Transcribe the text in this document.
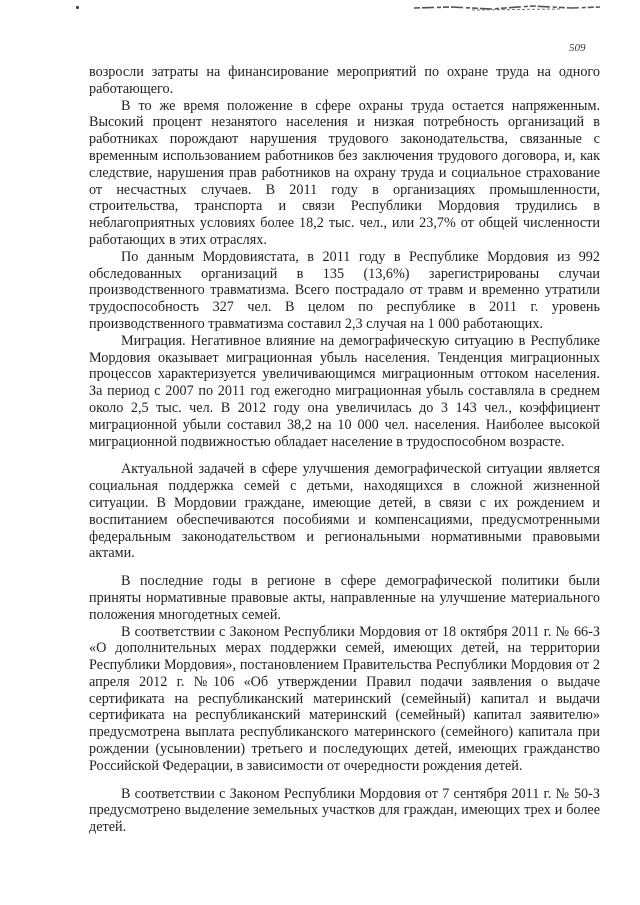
509

возросли затраты на финансирование мероприятий по охране труда на одного работающего.

В то же время положение в сфере охраны труда остается напряженным. Высокий процент незанятого населения и низкая потребность организаций в работниках порождают нарушения трудового законодательства, связанные с временным использованием работников без заключения трудового договора, и, как следствие, нарушения прав работников на охрану труда и социальное страхование от несчастных случаев. В 2011 году в организациях промышленности, строительства, транспорта и связи Республики Мордовия трудились в неблагоприятных условиях более 18,2 тыс. чел., или 23,7% от общей численности работающих в этих отраслях.

По данным Мордовиястата, в 2011 году в Республике Мордовия из 992 обследованных организаций в 135 (13,6%) зарегистрированы случаи производственного травматизма. Всего пострадало от травм и временно утратили трудоспособность 327 чел. В целом по республике в 2011 г. уровень производственного травматизма составил 2,3 случая на 1 000 работающих.

Миграция. Негативное влияние на демографическую ситуацию в Республике Мордовия оказывает миграционная убыль населения. Тенденция миграционных процессов характеризуется увеличивающимся миграционным оттоком населения. За период с 2007 по 2011 год ежегодно миграционная убыль составляла в среднем около 2,5 тыс. чел. В 2012 году она увеличилась до 3 143 чел., коэффициент миграционной убыли составил 38,2 на 10 000 чел. населения. Наиболее высокой миграционной подвижностью обладает население в трудоспособном возрасте.

Актуальной задачей в сфере улучшения демографической ситуации является социальная поддержка семей с детьми, находящихся в сложной жизненной ситуации. В Мордовии граждане, имеющие детей, в связи с их рождением и воспитанием обеспечиваются пособиями и компенсациями, предусмотренными федеральным законодательством и региональными нормативными правовыми актами.

В последние годы в регионе в сфере демографической политики были приняты нормативные правовые акты, направленные на улучшение материального положения многодетных семей.

В соответствии с Законом Республики Мордовия от 18 октября 2011 г. № 66-З «О дополнительных мерах поддержки семей, имеющих детей, на территории Республики Мордовия», постановлением Правительства Республики Мордовия от 2 апреля 2012 г. №106 «Об утверждении Правил подачи заявления о выдаче сертификата на республиканский материнский (семейный) капитал и выдачи сертификата на республиканский материнский (семейный) капитал заявителю» предусмотрена выплата республиканского материнского (семейного) капитала при рождении (усыновлении) третьего и последующих детей, имеющих гражданство Российской Федерации, в зависимости от очередности рождения детей.

В соответствии с Законом Республики Мордовия от 7 сентября 2011 г. № 50-З предусмотрено выделение земельных участков для граждан, имеющих трех и более детей.
